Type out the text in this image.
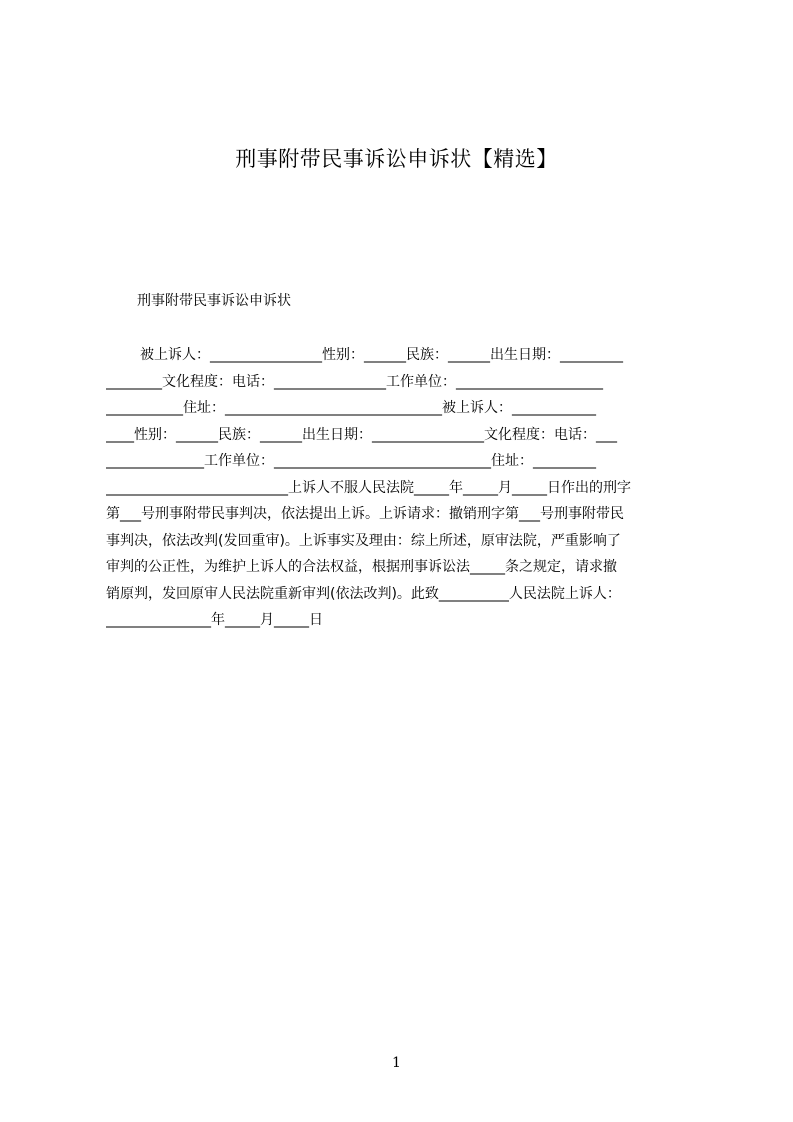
刑事附带民事诉讼申诉状【精选】
刑事附带民事诉讼申诉状
被上诉人：________________性别：______民族：______出生日期：_________
________文化程度：电话：________________工作单位：_____________________
___________住址：_______________________________被上诉人：____________
____性别：______民族：______出生日期：________________文化程度：电话：___
______________工作单位：_______________________________住址：_________
__________________________上诉人不服人民法院_____年_____月_____日作出的刑字
第___号刑事附带民事判决，依法提出上诉。上诉请求：撤销刑字第___号刑事附带民
事判决，依法改判(发回重审)。上诉事实及理由：综上所述，原审法院，严重影响了
审判的公正性，为维护上诉人的合法权益，根据刑事诉讼法_____条之规定，请求撤
销原判，发回原审人民法院重新审判(依法改判)。此致__________人民法院上诉人：
_______________年_____月_____日
1
